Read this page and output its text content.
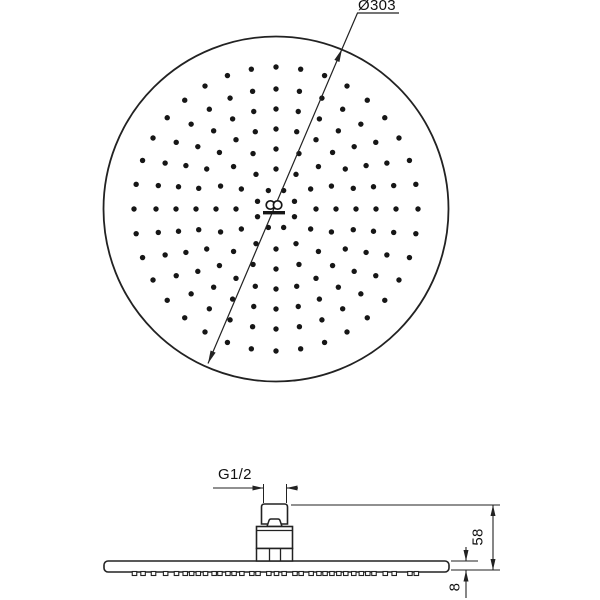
Ø303
G1/2
58
8
